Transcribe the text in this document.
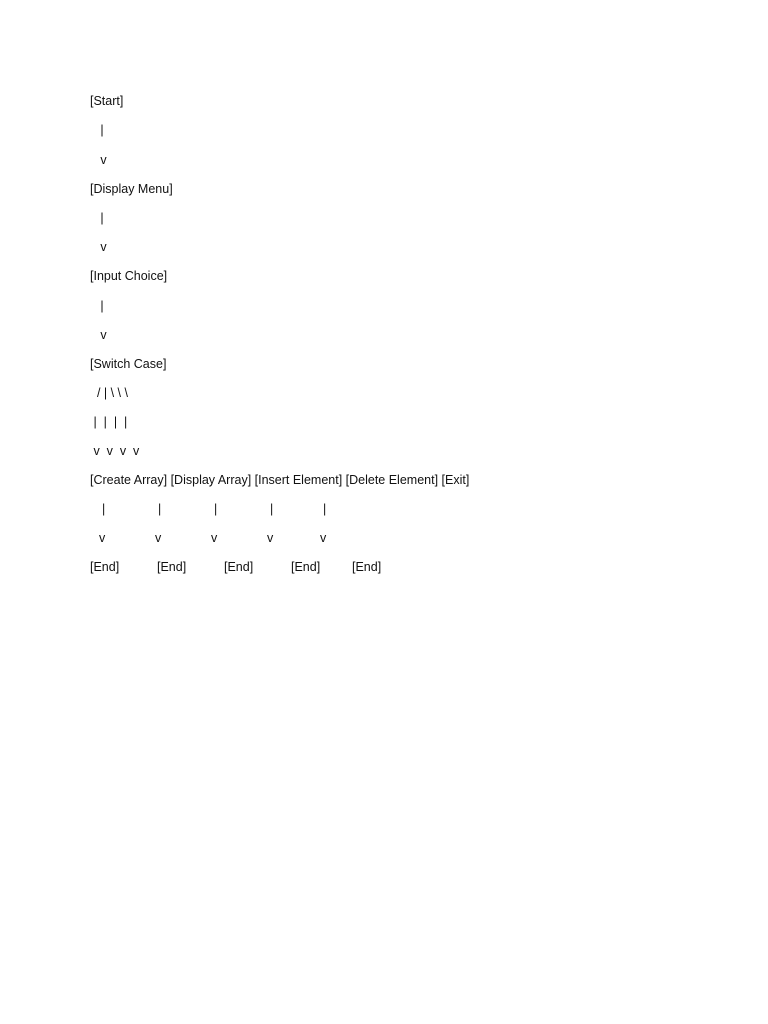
[Start]
|
v
[Display Menu]
|
v
[Input Choice]
|
v
[Switch Case]
/ | \ \ \
|  |  |  |
v  v  v  v
[Create Array] [Display Array] [Insert Element] [Delete Element] [Exit]

|

	|

	|

	|

	|

v

	v

	v

	v

	v

[End]

	[End]

	[End]

	[End]

	[End]
